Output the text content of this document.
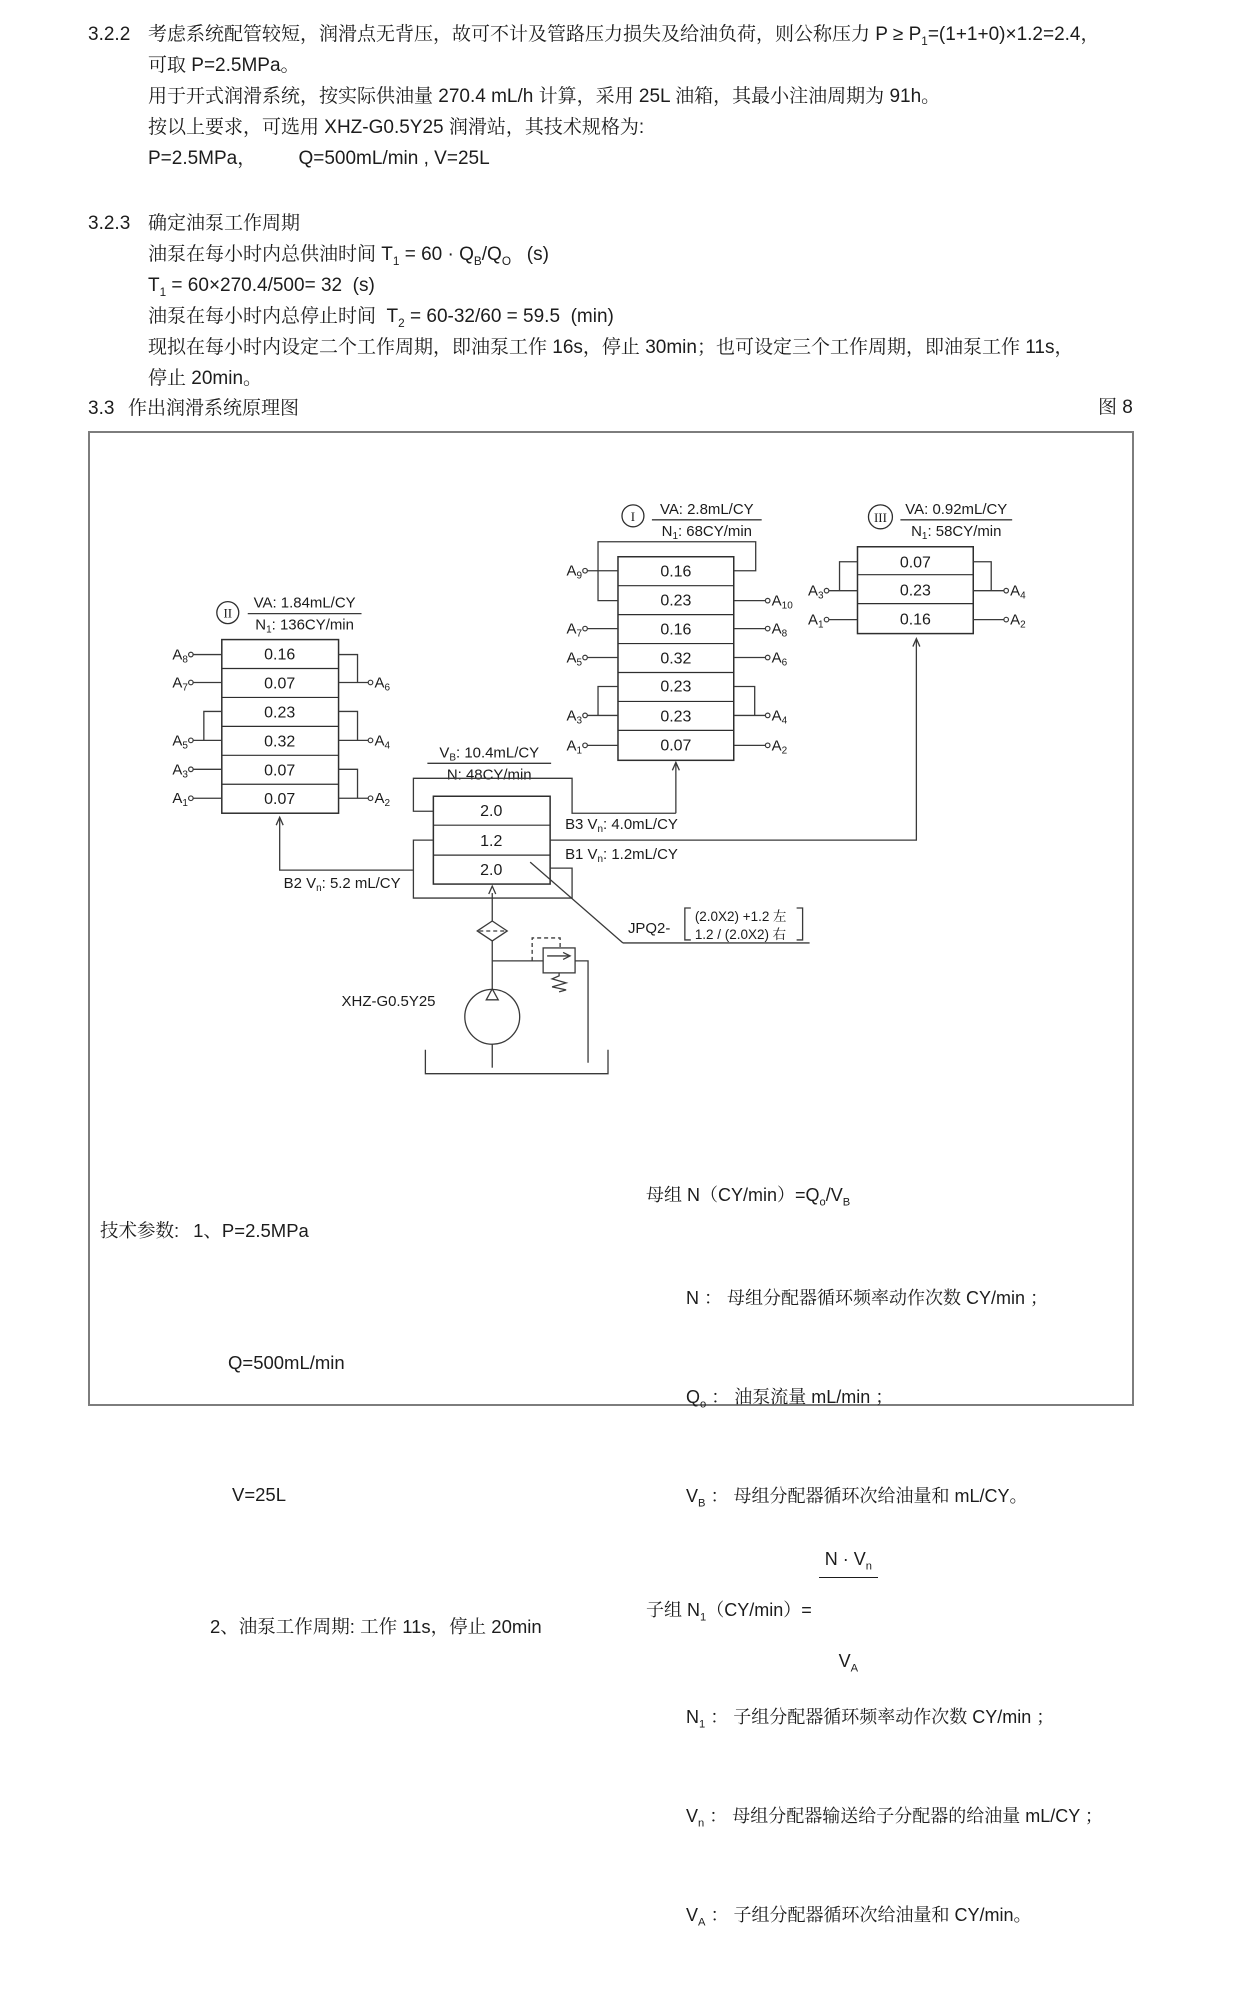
3.2.2 考虑系统配管较短，润滑点无背压，故可不计及管路压力损失及给油负荷，则公称压力 $P \ge P_1=(1+1+0)\times 1.2=2.4$，
可取 P=2.5MPa。
用于开式润滑系统，按实际供油量 270.4 mL/h 计算，采用 25L 油箱，其最小注油周期为 91h。
按以上要求，可选用 XHZ-G0.5Y25 润滑站，其技术规格为:
P=2.5MPa，        Q=500mL/min , V=25L
3.2.3 确定油泵工作周期
油泵在每小时内总供油时间 $T_1 = 60 \cdot Q_B/Q_O$   (s)
$T_1 = 60\times 270.4/500= 32$  (s)
油泵在每小时内总停止时间  $T_2 = 60-32/60 = 59.5$  (min)
现拟在每小时内设定二个工作周期，即油泵工作 16s，停止 30min；也可设定三个工作周期，即油泵工作 11s，
停止 20min。
3.3 作出润滑系统原理图	图 8
I VA: 2.8mL/CY
$N_1$: 68CY/min
0.16
0.23
0.16
0.32
0.23
0.23
0.07
$A_9$
$A_7$
$A_5$
$A_3$
$A_1$
$A_{10}$
$A_8$
$A_6$
$A_4$
$A_2$
II
VA: 1.84mL/CY
$N_1$: 136CY/min
0.16
0.07
0.23
0.32
0.07
0.07
$A_8$
$A_7$
$A_5$
$A_3$
$A_1$
$A_6$
$A_4$
$A_2$
III VA: 0.92mL/CY
$N_1$: 58CY/min
0.07
0.23
0.16
$A_3$
$A_1$
$A_4$
$A_2$
$V_B$: 10.4mL/CY
N: 48CY/min
2.0
1.2
2.0
B3 $V_n$: 4.0mL/CY
B1 $V_n$: 1.2mL/CY
B2 $V_n$: 5.2 mL/CY
JPQ2-
(2.0X2) +1.2 左
1.2 / (2.0X2) 右
XHZ-G0.5Y25

技术参数: 1、P=2.5MPa

Q=500mL/min

V=25L

2、油泵工作周期: 工作 11s，停止 20min

母组 $N(CY/\min)=Q_o/V_B$

N ： 母组分配器循环频率动作次数 CY/min ；

$Q_o$ ： 油泵流量 mL/min ；

$V_B$ ： 母组分配器循环次给油量和 mL/CY。

子组 $N_1(CY/\min)=$

$\frac{N \cdot V_n}{V_A}$

$N_1$ ： 子组分配器循环频率动作次数 CY/min ；

$V_n$ ： 母组分配器输送给子分配器的给油量 mL/CY ；

$V_A$ ： 子组分配器循环次给油量和 CY/min。
